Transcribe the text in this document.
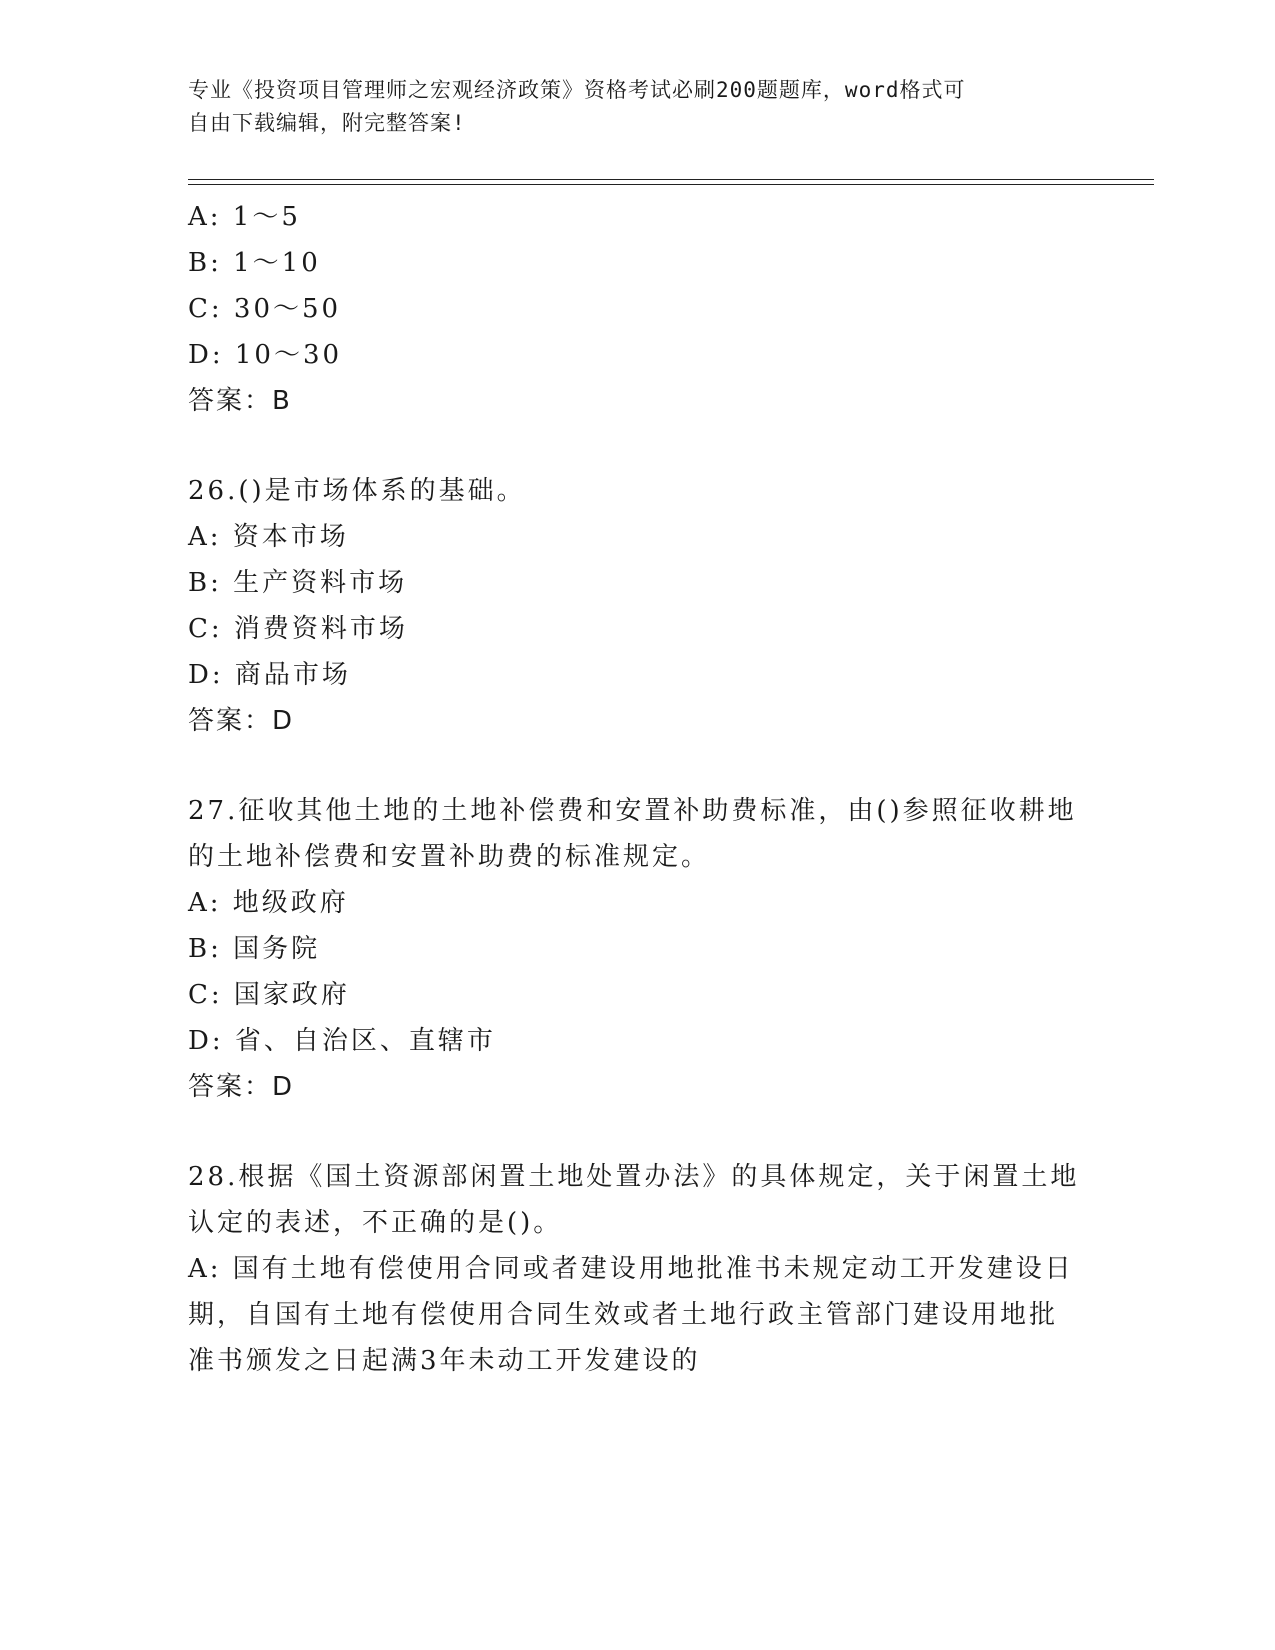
专业《投资项目管理师之宏观经济政策》资格考试必刷200题题库，word格式可
自由下载编辑，附完整答案!

A: 1～5

B: 1～10

C: 30～50

D: 10～30

答案：B

26.()是市场体系的基础。

A: 资本市场

B: 生产资料市场

C: 消费资料市场

D: 商品市场

答案：D

27.征收其他土地的土地补偿费和安置补助费标准，由()参照征收耕地

的土地补偿费和安置补助费的标准规定。

A: 地级政府

B: 国务院

C: 国家政府

D: 省、自治区、直辖市

答案：D

28.根据《国土资源部闲置土地处置办法》的具体规定，关于闲置土地

认定的表述，不正确的是()。

A: 国有土地有偿使用合同或者建设用地批准书未规定动工开发建设日

期，自国有土地有偿使用合同生效或者土地行政主管部门建设用地批

准书颁发之日起满3年未动工开发建设的
